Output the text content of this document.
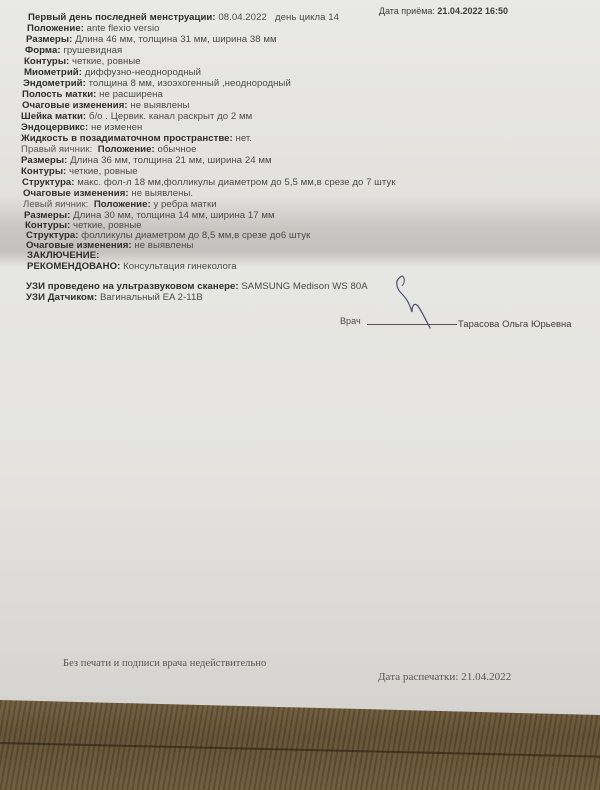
Дата приёма: 21.04.2022 16:50
Первый день последней менструации: 08.04.2022 день цикла 14
Положение: ante flexio versio
Размеры: Длина 46 мм, толщина 31 мм, ширина 38 мм
Форма: грушевидная
Контуры: четкие, ровные
Миометрий: диффузно-неоднородный
Эндометрий: толщина 8 мм, изоэхогенный ,неоднородный
Полость матки: не расширена
Очаговые изменения: не выявлены
Шейка матки: б/о . Цервик. канал раскрыт до 2 мм
Эндоцервикс: не изменен
Жидкость в позадиматочном пространстве: нет.
Правый яичник: Положение: обычное
Размеры: Длина 36 мм, толщина 21 мм, ширина 24 мм
Контуры: четкие, ровные
Структура: макс. фол-л 18 мм,фолликулы диаметром до 5,5 мм,в срезе до 7 штук
Очаговые изменения: не выявлены.
Левый яичник: Положение: у ребра матки
Размеры: Длина 30 мм, толщина 14 мм, ширина 17 мм
Контуры: четкие, ровные
Структура: фолликулы диаметром до 8,5 мм,в срезе до6 штук
Очаговые изменения: не выявлены
ЗАКЛЮЧЕНИЕ:
РЕКОМЕНДОВАНО: Консультация гинеколога
УЗИ проведено на ультразвуковом сканере: SAMSUNG Medison WS 80A
УЗИ Датчиком: Вагинальный EA 2-11B
Врач	Тарасова Ольга Юрьевна
Без печати и подписи врача недействительно
Дата распечатки: 21.04.2022
